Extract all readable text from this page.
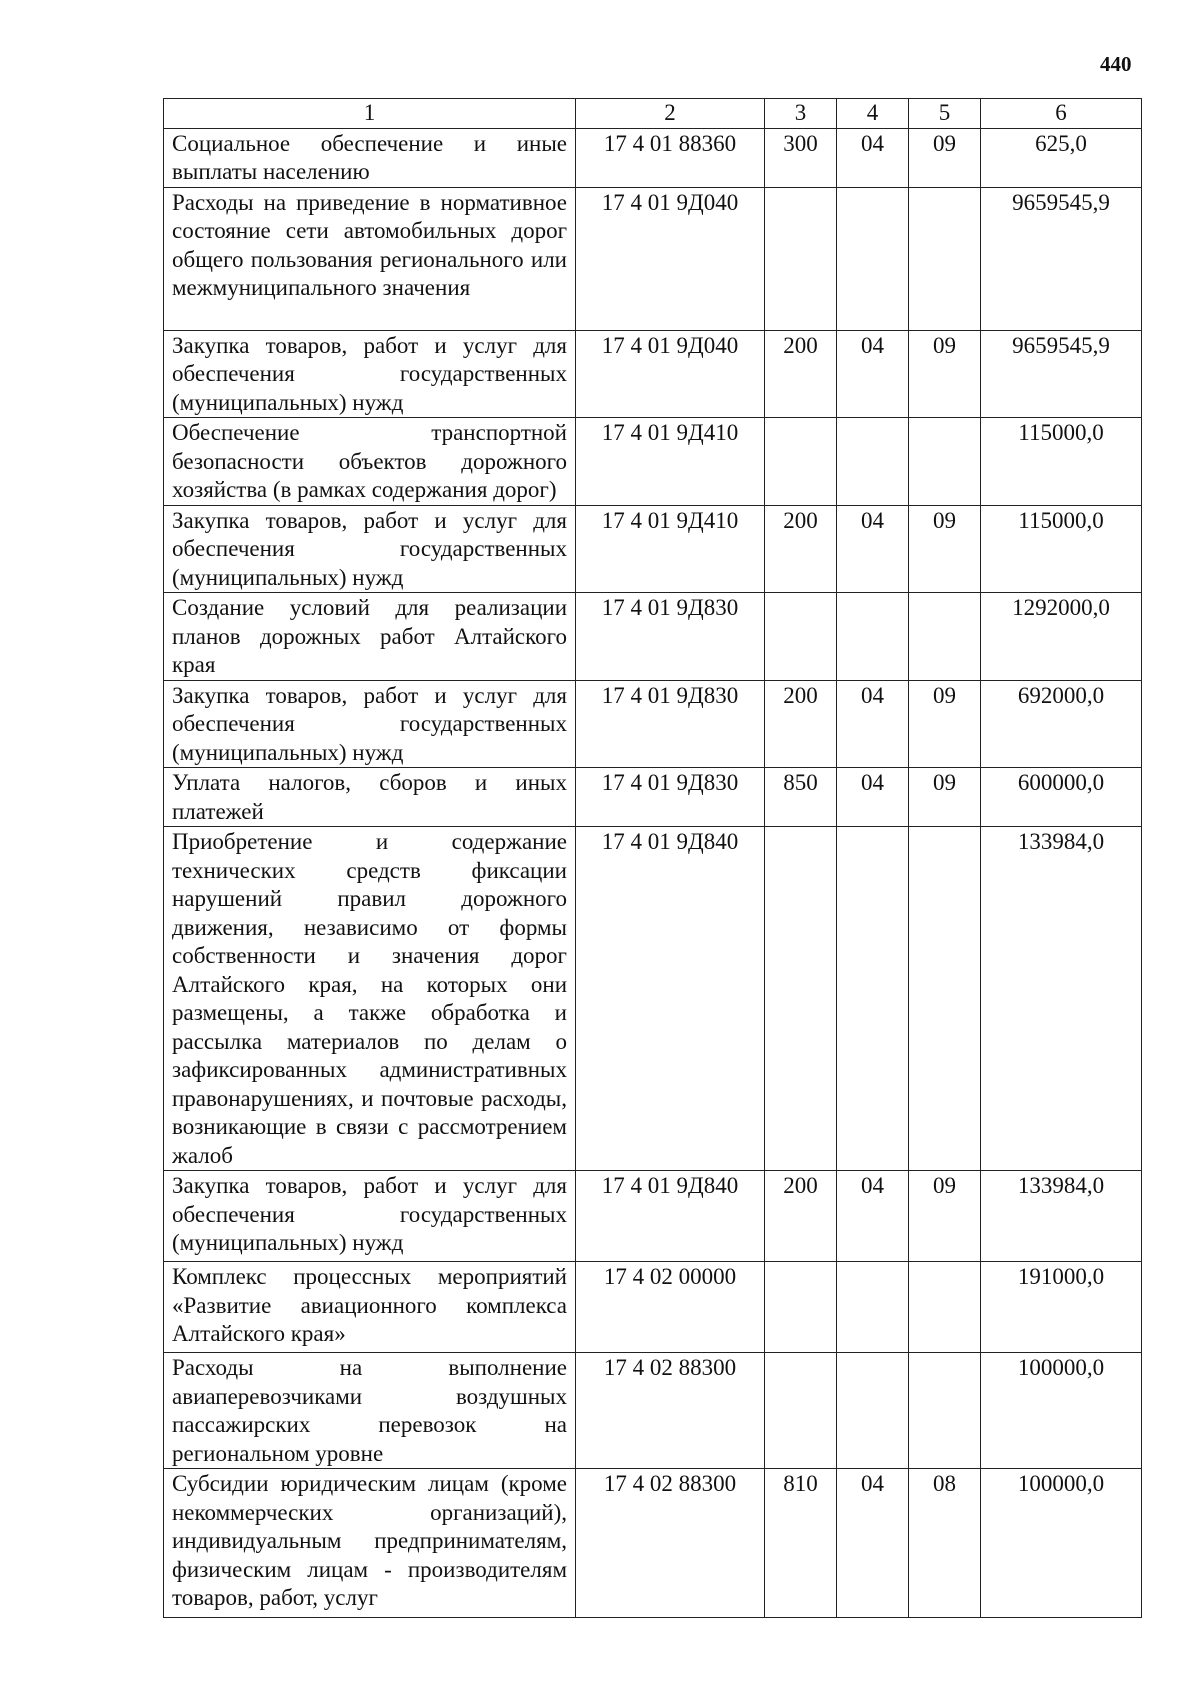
440
1	2	3	4	5	6
Социальное обеспечение и иные выплаты населению	17 4 01 88360	300	04	09	625,0
Расходы на приведение в нормативное состояние сети автомобильных дорог общего пользования регионального или межмуниципального значения	17 4 01 9Д040				9659545,9
Закупка товаров, работ и услуг для обеспечения государственных (муниципальных) нужд	17 4 01 9Д040	200	04	09	9659545,9
Обеспечение транспортной безопасности объектов дорожного хозяйства (в рамках содержания дорог)	17 4 01 9Д410				115000,0
Закупка товаров, работ и услуг для обеспечения государственных (муниципальных) нужд	17 4 01 9Д410	200	04	09	115000,0
Создание условий для реализации планов дорожных работ Алтайского края	17 4 01 9Д830				1292000,0
Закупка товаров, работ и услуг для обеспечения государственных (муниципальных) нужд	17 4 01 9Д830	200	04	09	692000,0
Уплата налогов, сборов и иных платежей	17 4 01 9Д830	850	04	09	600000,0
Приобретение и содержание технических средств фиксации нарушений правил дорожного движения, независимо от формы собственности и значения дорог Алтайского края, на которых они размещены, а также обработка и рассылка материалов по делам о зафиксированных административных правонарушениях, и почтовые расходы, возникающие в связи с рассмотрением жалоб	17 4 01 9Д840				133984,0
Закупка товаров, работ и услуг для обеспечения государственных (муниципальных) нужд	17 4 01 9Д840	200	04	09	133984,0
Комплекс процессных мероприятий «Развитие авиационного комплекса Алтайского края»	17 4 02 00000				191000,0
Расходы на выполнение авиаперевозчиками воздушных пассажирских перевозок на региональном уровне	17 4 02 88300				100000,0
Субсидии юридическим лицам (кроме некоммерческих организаций), индивидуальным предпринимателям, физическим лицам - производителям товаров, работ, услуг	17 4 02 88300	810	04	08	100000,0
